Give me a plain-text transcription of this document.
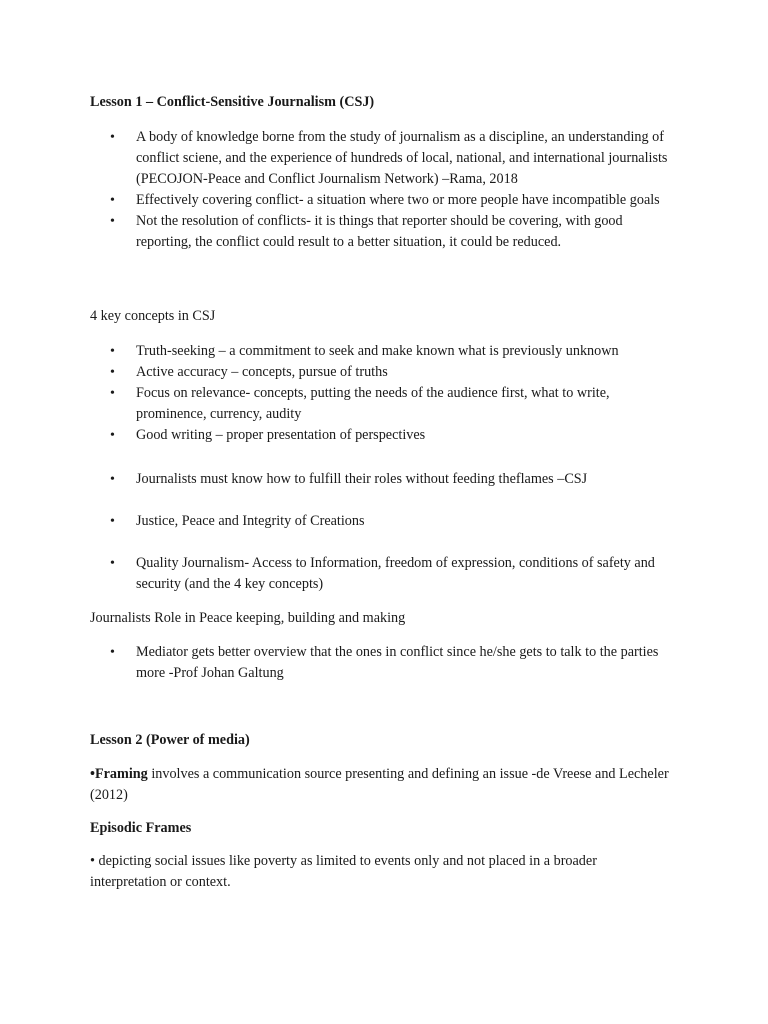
Lesson 1 – Conflict-Sensitive Journalism (CSJ)
• A body of knowledge borne from the study of journalism as a discipline, an understanding of conflict sciene, and the experience of hundreds of local, national, and international journalists (PECOJON-Peace and Conflict Journalism Network) –Rama, 2018
• Effectively covering conflict- a situation where two or more people have incompatible goals
• Not the resolution of conflicts- it is things that reporter should be covering, with good reporting, the conflict could result to a better situation, it could be reduced.
4 key concepts in CSJ
• Truth-seeking – a commitment to seek and make known what is previously unknown
• Active accuracy – concepts, pursue of truths
• Focus on relevance- concepts, putting the needs of the audience first, what to write, prominence, currency, audity
• Good writing – proper presentation of perspectives
• Journalists must know how to fulfill their roles without feeding theflames –CSJ
• Justice, Peace and Integrity of Creations
• Quality Journalism- Access to Information, freedom of expression, conditions of safety and security (and the 4 key concepts)
Journalists Role in Peace keeping, building and making
• Mediator gets better overview that the ones in conflict since he/she gets to talk to the parties more -Prof Johan Galtung
Lesson 2 (Power of media)
•Framing involves a communication source presenting and defining an issue -de Vreese and Lecheler (2012)
Episodic Frames
• depicting social issues like poverty as limited to events only and not placed in a broader interpretation or context.
